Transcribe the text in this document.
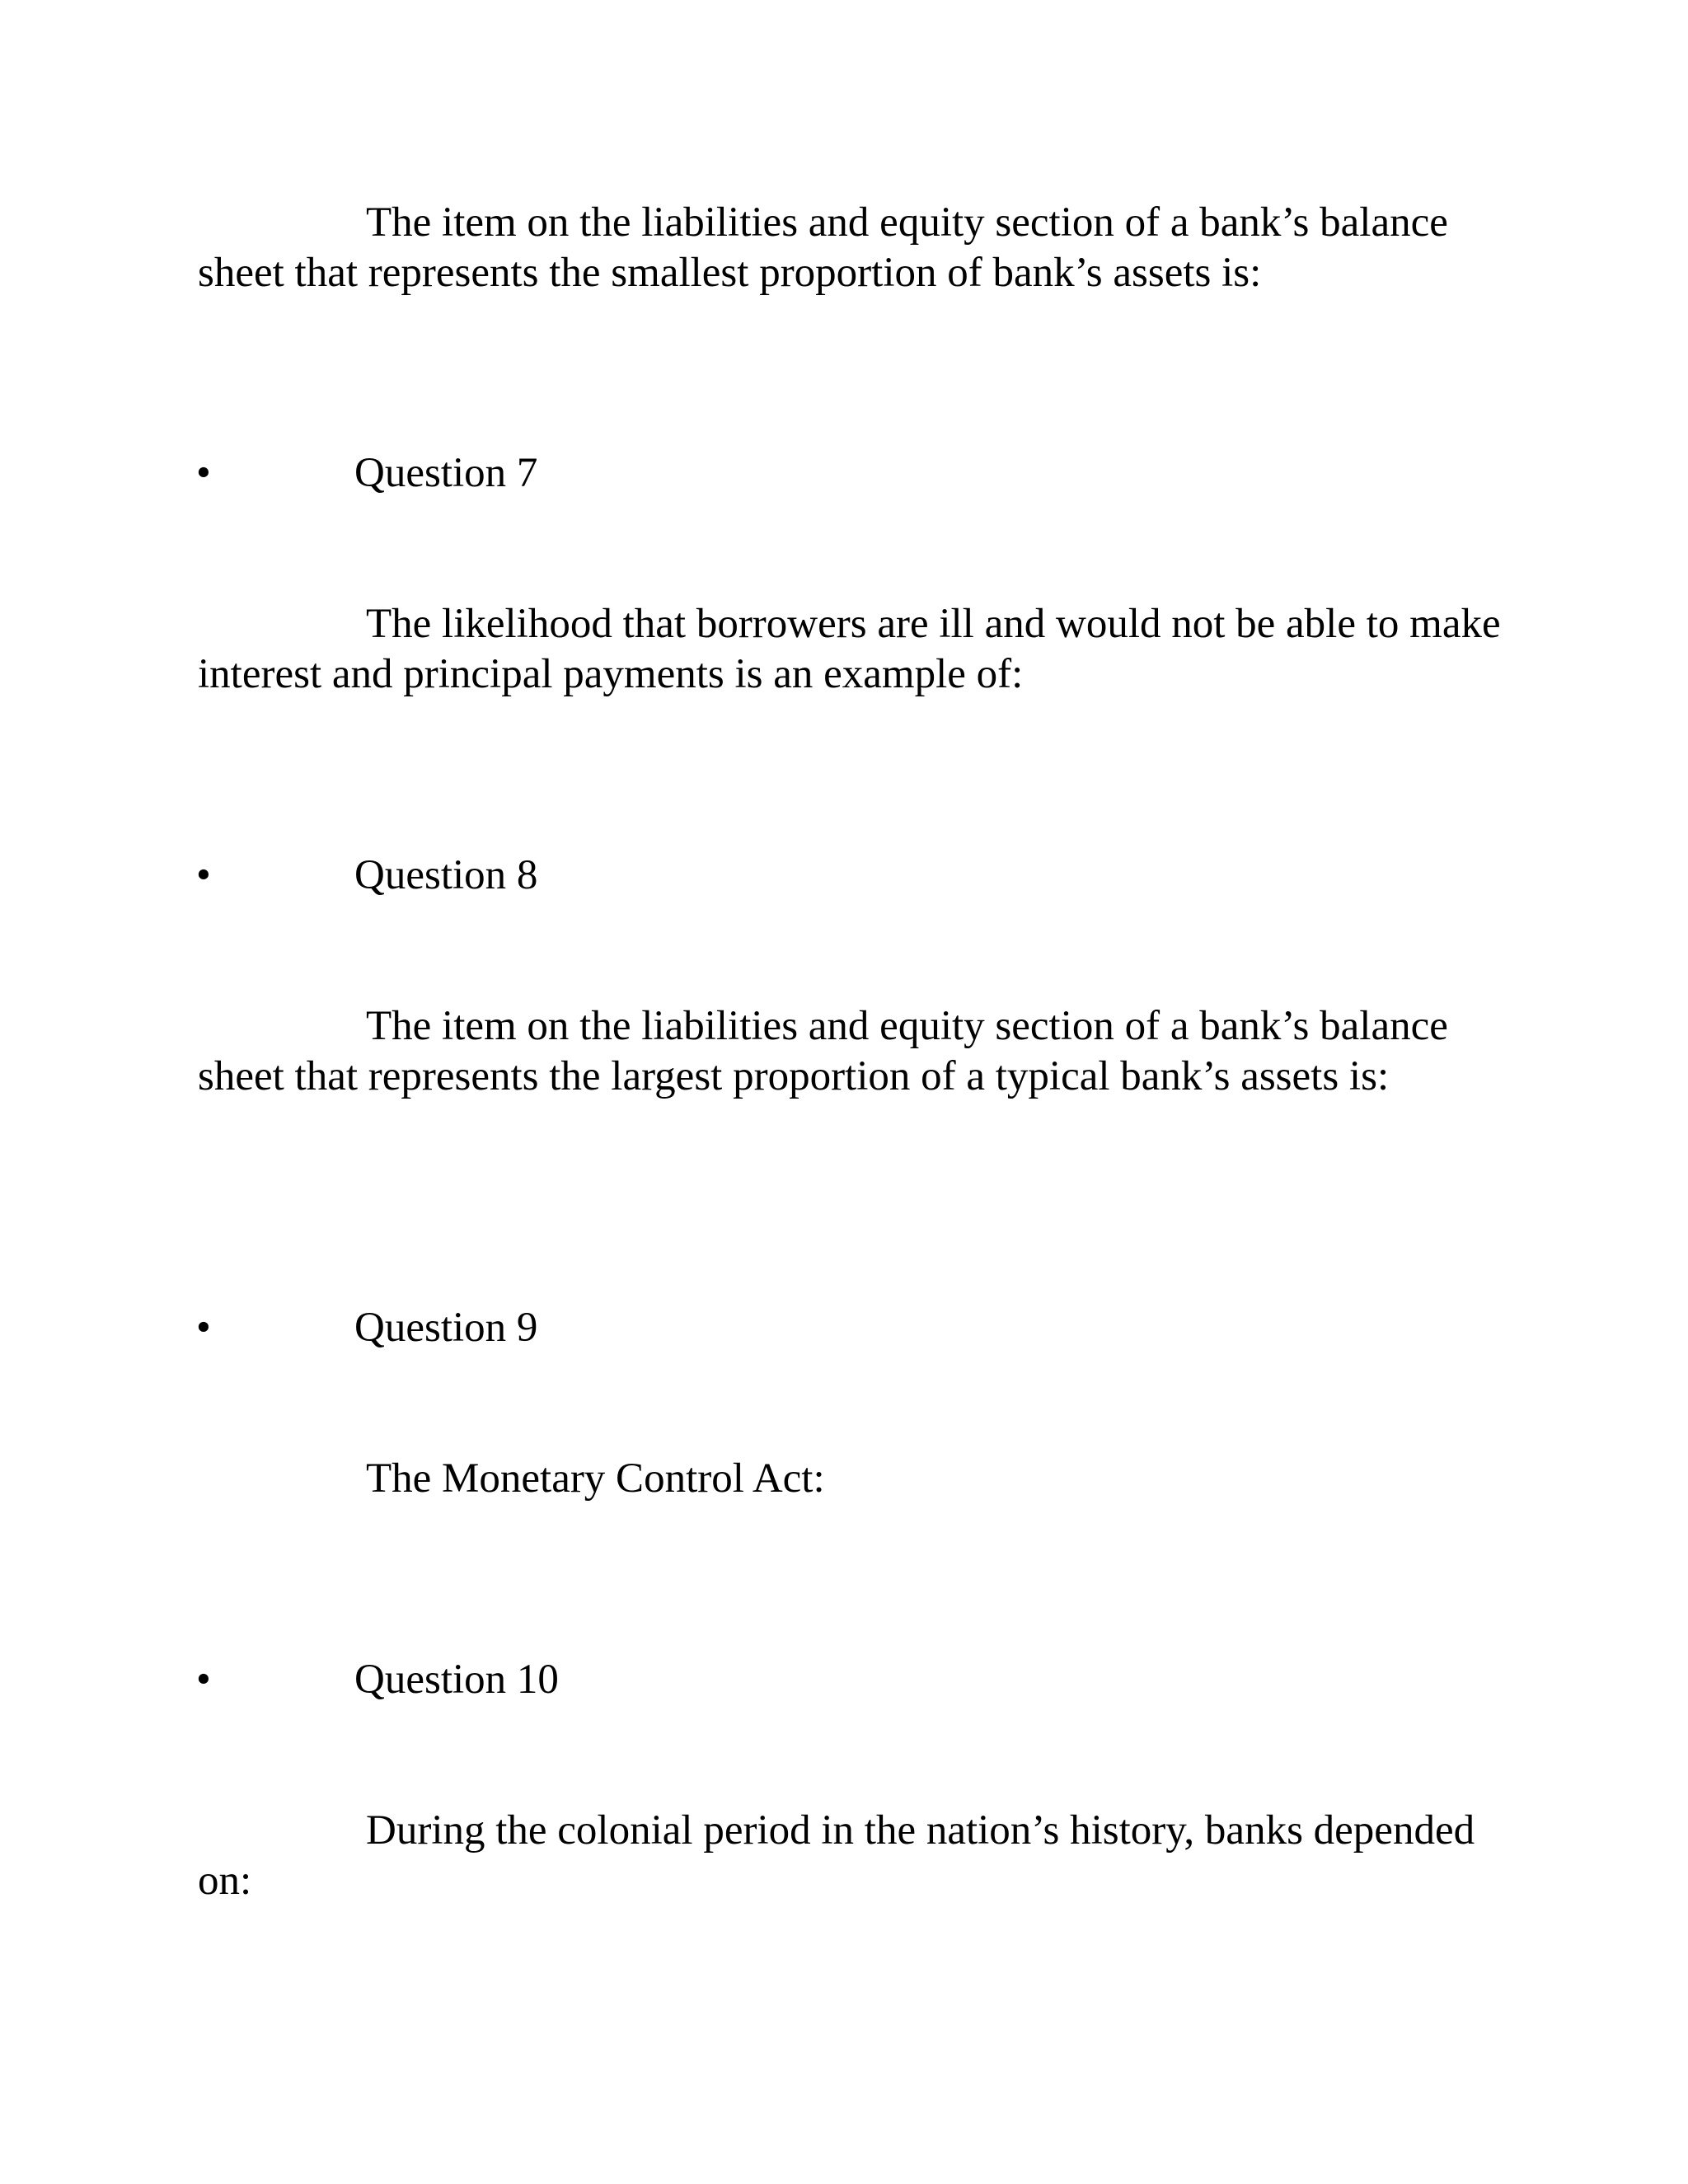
The item on the liabilities and equity section of a bank’s balance sheet that represents the smallest proportion of bank’s assets is:

•	Question 7

The likelihood that borrowers are ill and would not be able to make interest and principal payments is an example of:

•	Question 8

The item on the liabilities and equity section of a bank’s balance sheet that represents the largest proportion of a typical bank’s assets is:

•	Question 9

The Monetary Control Act:

•	Question 10

During the colonial period in the nation’s history, banks depended on:
